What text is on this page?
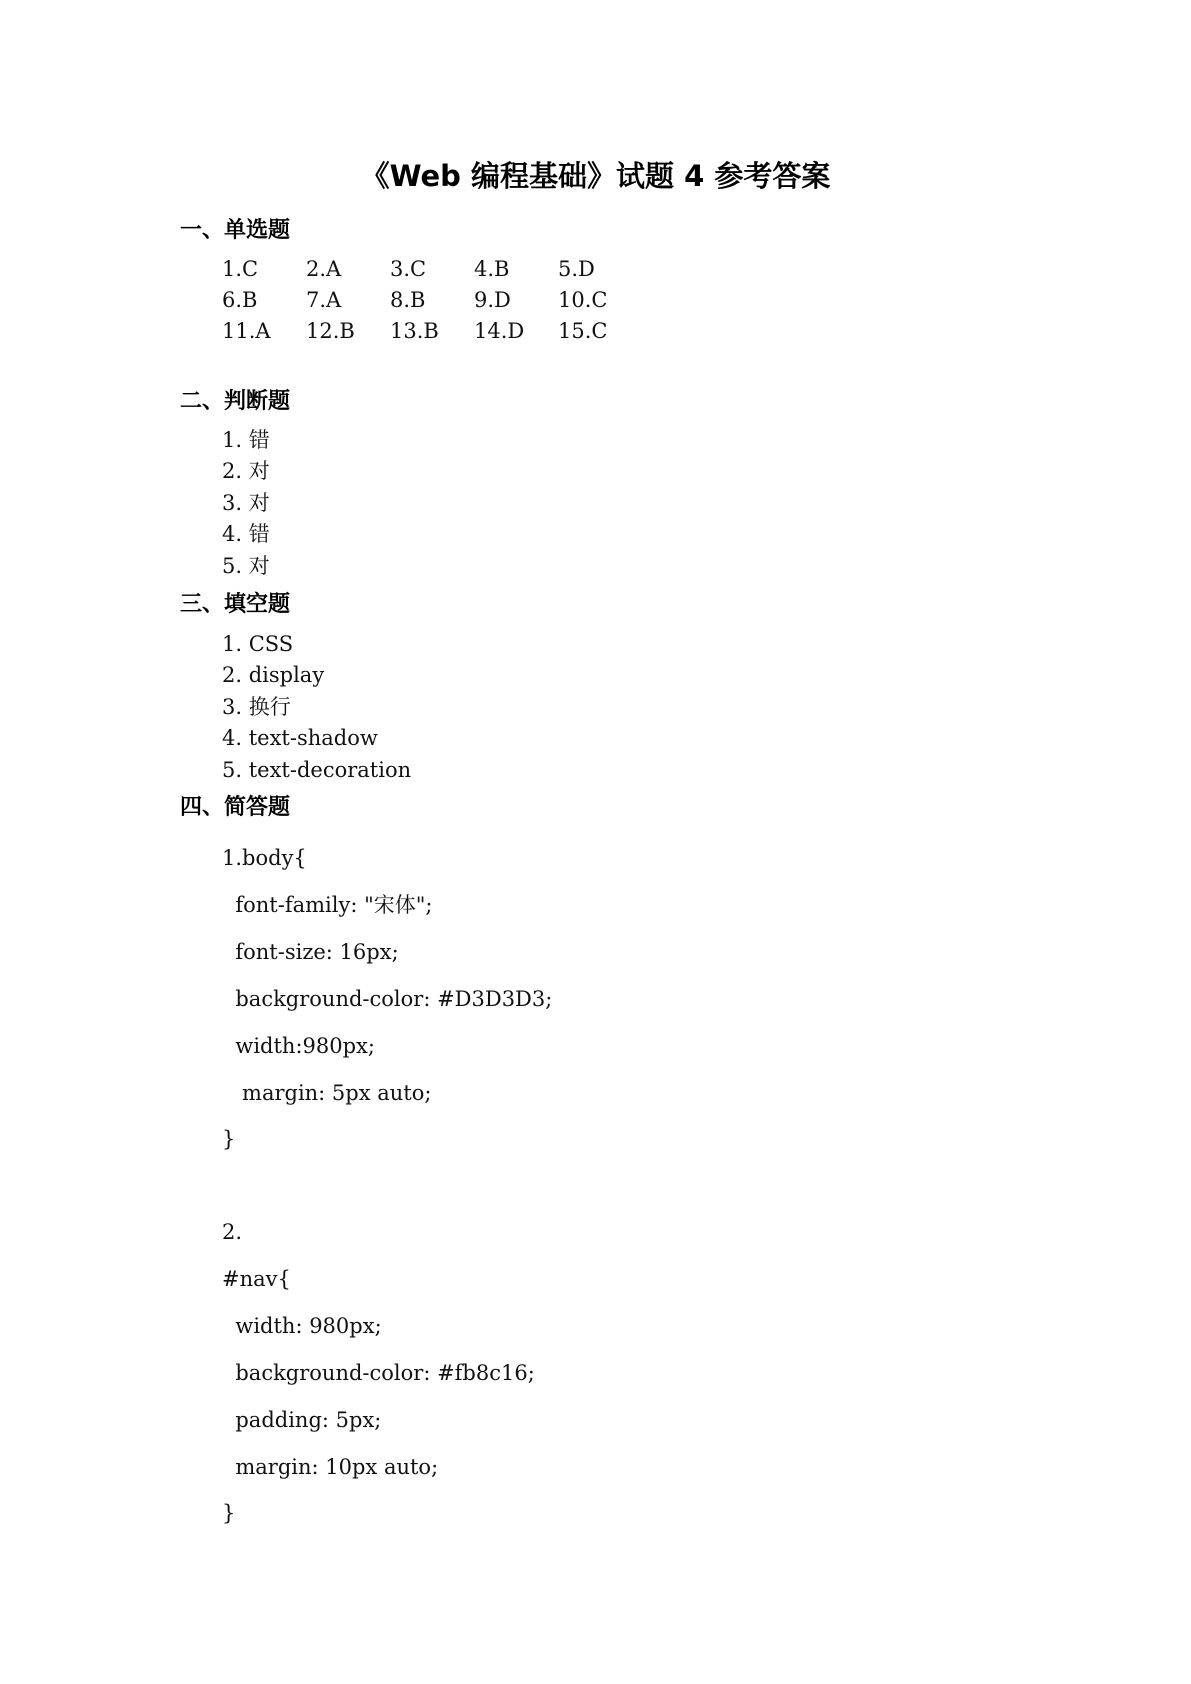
《Web 编程基础》试题 4 参考答案
一、单选题
1.C	2.A	3.C	4.B	5.D
6.B	7.A	8.B	9.D	10.C
11.A	12.B	13.B	14.D	15.C
二、判断题
1. 错
2. 对
3. 对
4. 错
5. 对
三、填空题
1. CSS
2. display
3. 换行
4. text-shadow
5. text-decoration
四、简答题
1.body{
font-family: "宋体";
font-size: 16px;
background-color: #D3D3D3;
width:980px;
margin: 5px auto;
}
2.
#nav{
width: 980px;
background-color: #fb8c16;
padding: 5px;
margin: 10px auto;
}
